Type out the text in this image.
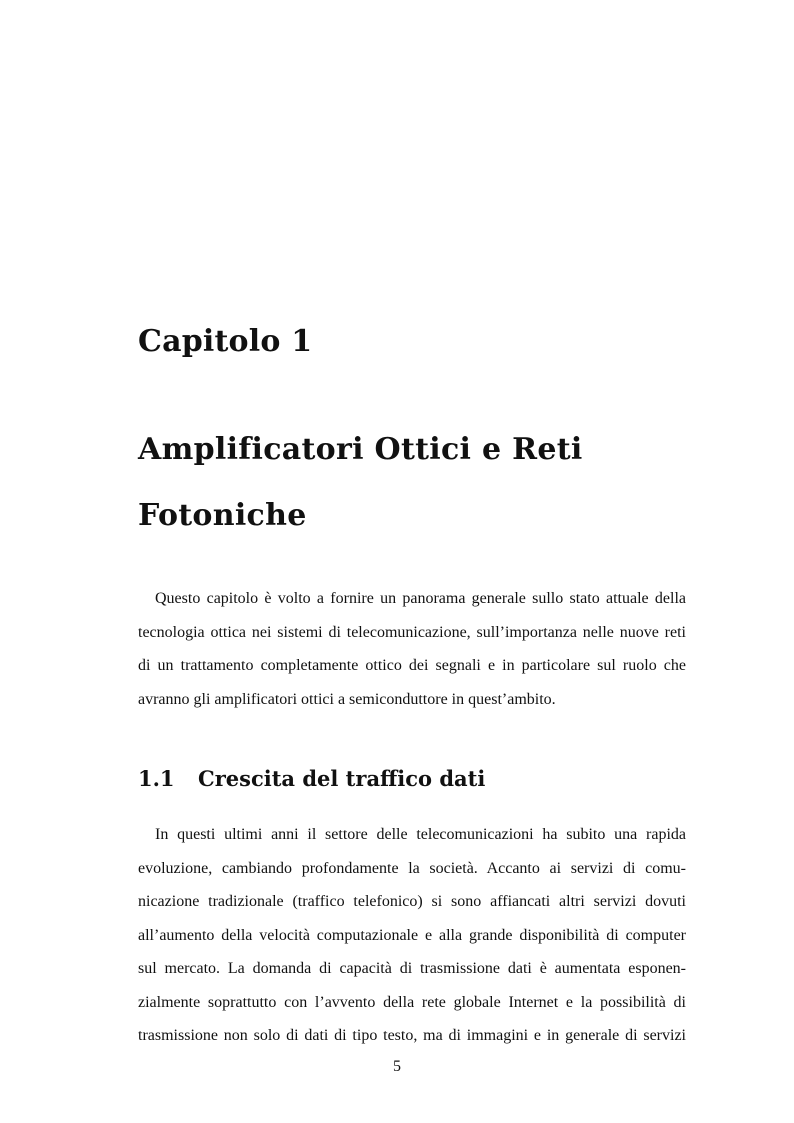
Capitolo 1
Amplificatori Ottici e Reti
Fotoniche
Questo capitolo è volto a fornire un panorama generale sullo stato attuale della
tecnologia ottica nei sistemi di telecomunicazione, sull’importanza nelle nuove reti
di un trattamento completamente ottico dei segnali e in particolare sul ruolo che
avranno gli amplificatori ottici a semiconduttore in quest’ambito.
1.1	Crescita del traffico dati
In questi ultimi anni il settore delle telecomunicazioni ha subito una rapida
evoluzione, cambiando profondamente la società. Accanto ai servizi di comu-
nicazione tradizionale (traffico telefonico) si sono affiancati altri servizi dovuti
all’aumento della velocità computazionale e alla grande disponibilità di computer
sul mercato. La domanda di capacità di trasmissione dati è aumentata esponen-
zialmente soprattutto con l’avvento della rete globale Internet e la possibilità di
trasmissione non solo di dati di tipo testo, ma di immagini e in generale di servizi
5
